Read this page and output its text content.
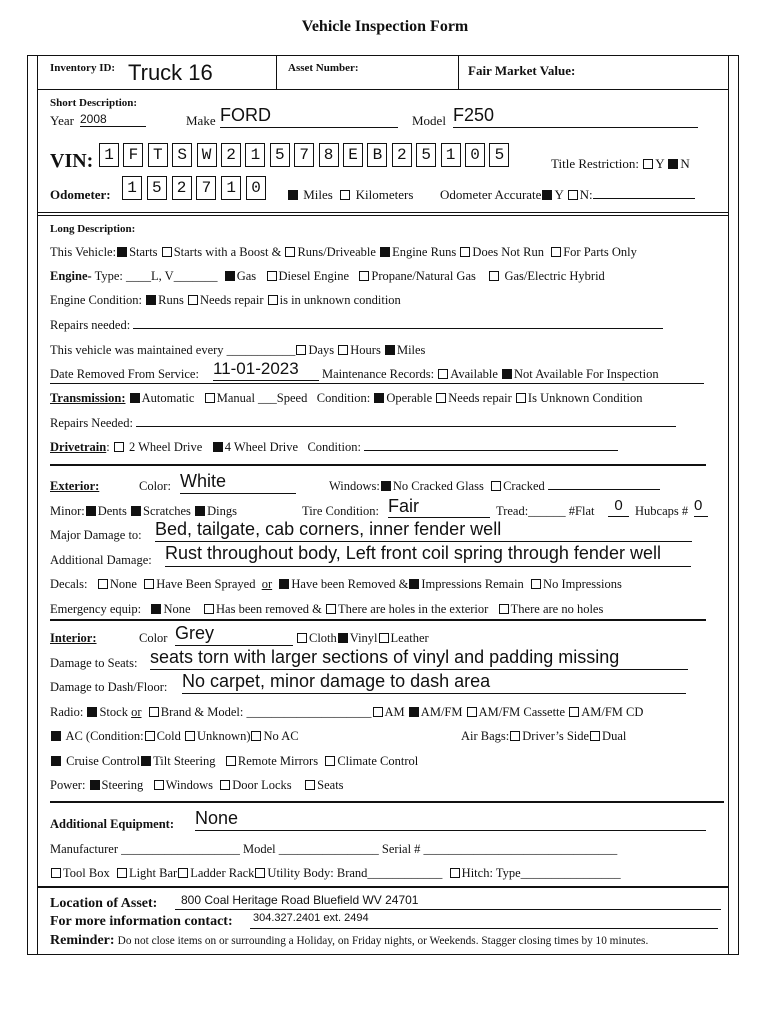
Vehicle Inspection Form
Inventory ID: Truck 16	Asset Number:	Fair Market Value:
Short Description:
Year 2008	Make FORD	Model F250
VIN: 1 F T S W 2 1 5 7 8 E B 2 5 1 0 5	Title Restriction: Y N
Odometer:	1 5 2 7 1 0	Miles Kilometers Odometer Accurate Y N:
Long Description:
This Vehicle: Starts Starts with a Boost & Runs/Driveable Engine Runs Does Not Run For Parts Only
Engine- Type: ____L, V_______ Gas Diesel Engine Propane/Natural Gas Gas/Electric Hybrid
Engine Condition: Runs Needs repair is in unknown condition
Repairs needed:
This vehicle was maintained every ___________ Days Hours Miles
Date Removed From Service: 11-01-2023	Maintenance Records: Available Not Available For Inspection
Transmission: Automatic Manual ___Speed Condition: Operable Needs repair Is Unknown Condition
Repairs Needed:
Drivetrain:  2 Wheel Drive 4 Wheel Drive Condition:
Exterior:	Color: White	Windows: No Cracked Glass Cracked
Minor: Dents Scratches Dings	Tire Condition: Fair	Tread:______ #Flat	0 Hubcaps # 0
Major Damage to: Bed, tailgate, cab corners, inner fender well
Additional Damage: Rust throughout body, Left front coil spring through fender well
Decals: None Have Been Sprayed or Have been Removed & Impressions Remain No Impressions
Emergency equip: None Has been removed & There are holes in the exterior There are no holes
Interior:	Color Grey	Cloth Vinyl Leather
Damage to Seats: seats torn with larger sections of vinyl and padding missing
Damage to Dash/Floor: No carpet, minor damage to dash area
Radio: Stock or Brand & Model: ____________________ AM AM/FM AM/FM Cassette AM/FM CD
AC (Condition: Cold Unknown) No AC	Air Bags: Driver’s Side Dual
Cruise Control Tilt Steering Remote Mirrors Climate Control
Power: Steering Windows Door Locks Seats
Additional Equipment: None
Manufacturer ___________________ Model ________________ Serial # _______________________________
Tool Box Light Bar Ladder Rack Utility Body: Brand____________ Hitch: Type________________
Location of Asset:	800 Coal Heritage Road Bluefield WV 24701
For more information contact: 304.327.2401 ext. 2494
Reminder: Do not close items on or surrounding a Holiday, on Friday nights, or Weekends. Stagger closing times by 10 minutes.
